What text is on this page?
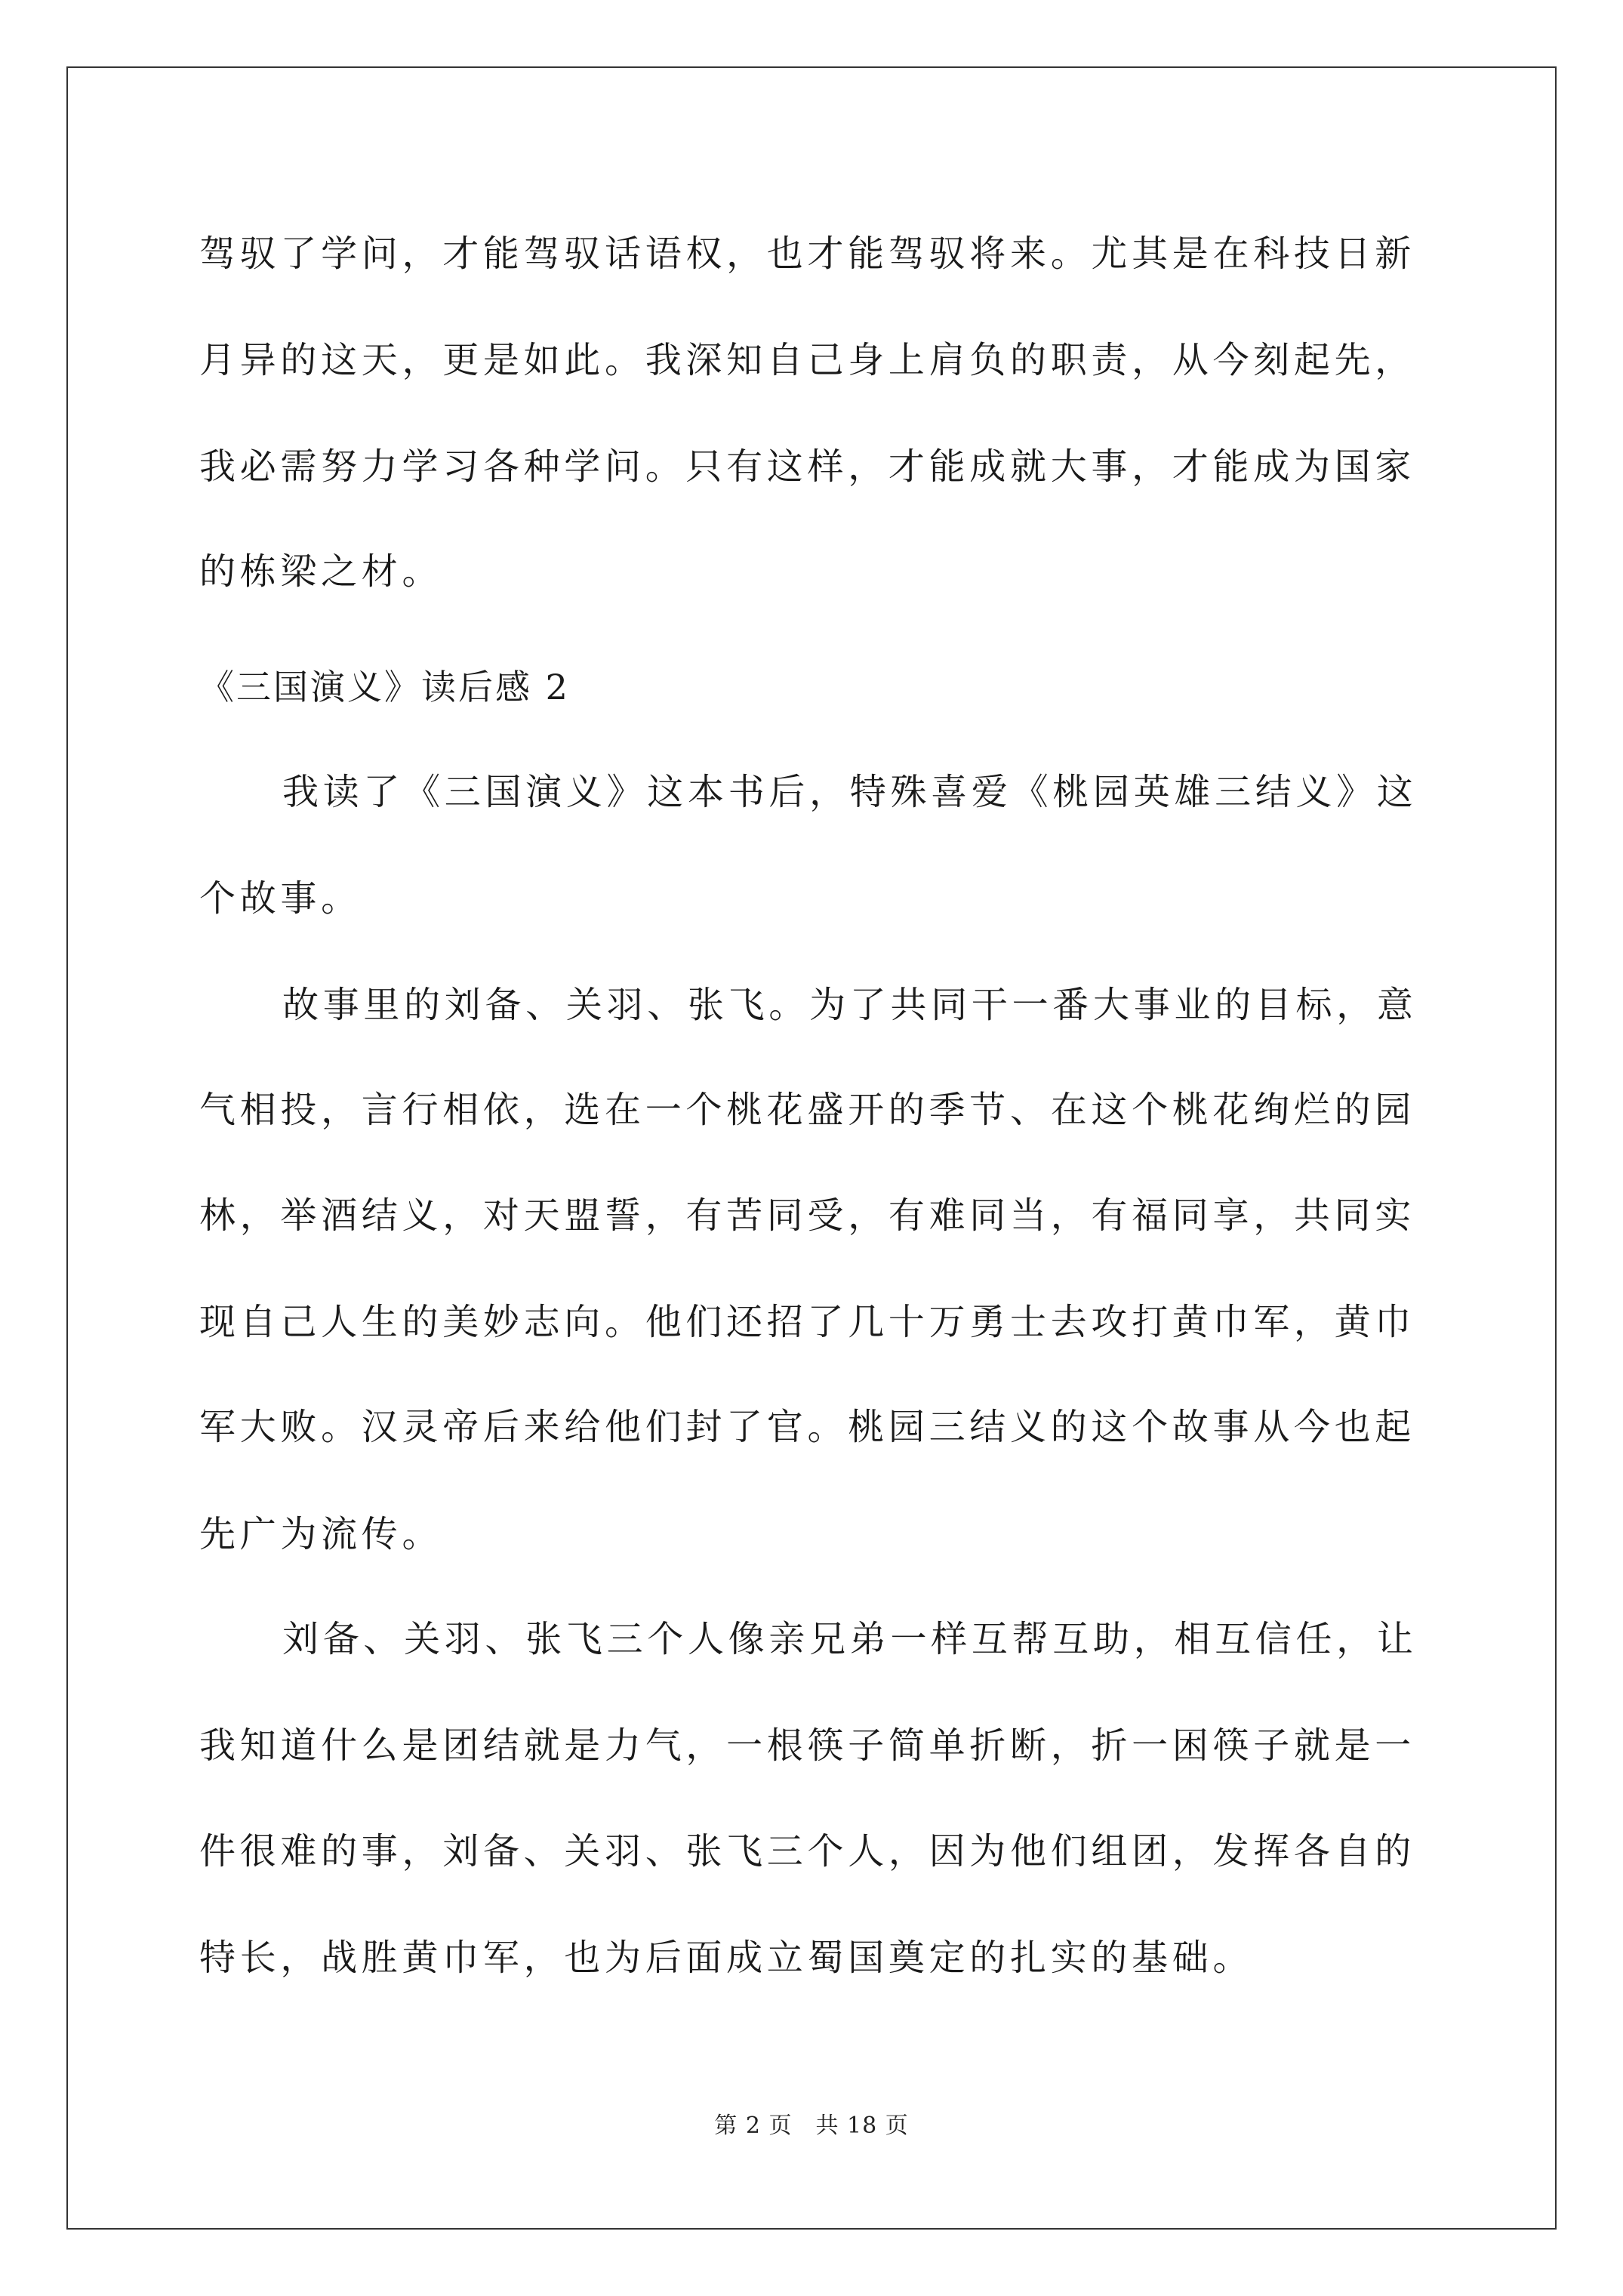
驾驭了学问，才能驾驭话语权，也才能驾驭将来。尤其是在科技日新
月异的这天，更是如此。我深知自己身上肩负的职责，从今刻起先，
我必需努力学习各种学问。只有这样，才能成就大事，才能成为国家
的栋梁之材。
《三国演义》读后感 2
我读了《三国演义》这本书后，特殊喜爱《桃园英雄三结义》这
个故事。
故事里的刘备、关羽、张飞。为了共同干一番大事业的目标，意
气相投，言行相依，选在一个桃花盛开的季节、在这个桃花绚烂的园
林，举酒结义，对天盟誓，有苦同受，有难同当，有福同享，共同实
现自己人生的美妙志向。他们还招了几十万勇士去攻打黄巾军，黄巾
军大败。汉灵帝后来给他们封了官。桃园三结义的这个故事从今也起
先广为流传。
刘备、关羽、张飞三个人像亲兄弟一样互帮互助，相互信任，让
我知道什么是团结就是力气，一根筷子简单折断，折一困筷子就是一
件很难的事，刘备、关羽、张飞三个人，因为他们组团，发挥各自的
特长，战胜黄巾军，也为后面成立蜀国奠定的扎实的基础。
第 2 页　共 18 页
